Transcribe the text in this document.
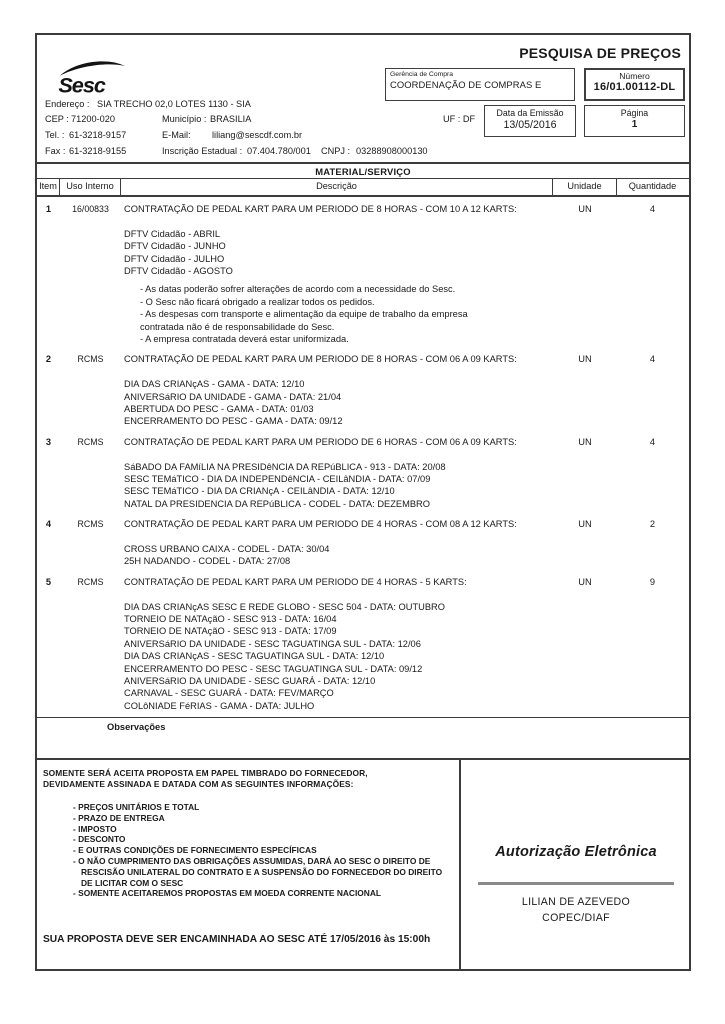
PESQUISA DE PREÇOS
Sesc	Gerência de Compra
COORDENAÇÃO DE COMPRAS E
Número
16/01.00112-DL
Data da Emissão
13/05/2016
Página
1
Endereço : SIA TRECHO 02,0 LOTES 1130 - SIA
CEP : 71200-020	Município : BRASILIA	UF : DF
Tel. : 61-3218-9157	E-Mail: liliang@sescdf.com.br
Fax : 61-3218-9155	Inscrição Estadual : 07.404.780/001 CNPJ : 03288908000130
MATERIAL/SERVIÇO
Item	Uso Interno	Descrição	Unidade	Quantidade
1	16/00833	CONTRATAÇÃO DE PEDAL KART PARA UM PERIODO DE 8 HORAS - COM 10 A 12 KARTS:	UN	4
DFTV Cidadão - ABRIL
DFTV Cidadão - JUNHO
DFTV Cidadão - JULHO
DFTV Cidadão - AGOSTO
- As datas poderão sofrer alterações de acordo com a necessidade do Sesc.
- O Sesc não ficará obrigado a realizar todos os pedidos.
- As despesas com transporte e alimentação da equipe de trabalho da empresa
contratada não é de responsabilidade do Sesc.
- A empresa contratada deverá estar uniformizada.
2	RCMS	CONTRATAÇÃO DE PEDAL KART PARA UM PERIODO DE 8 HORAS - COM 06 A 09 KARTS:	UN	4
DIA DAS CRIANçAS - GAMA - DATA: 12/10
ANIVERSáRIO DA UNIDADE - GAMA - DATA: 21/04
ABERTUDA DO PESC - GAMA - DATA: 01/03
ENCERRAMENTO DO PESC - GAMA - DATA: 09/12
3	RCMS	CONTRATAÇÃO DE PEDAL KART PARA UM PERIODO DE 6 HORAS - COM 06 A 09 KARTS:	UN	4
SáBADO DA FAMíLIA NA PRESIDêNCIA DA REPúBLICA - 913 - DATA: 20/08
SESC TEMáTICO - DIA DA INDEPENDêNCIA - CEILâNDIA - DATA: 07/09
SESC TEMáTICO - DIA DA CRIANçA - CEILâNDIA - DATA: 12/10
NATAL DA PRESIDENCIA DA REPúBLICA - CODEL - DATA: DEZEMBRO
4	RCMS	CONTRATAÇÃO DE PEDAL KART PARA UM PERIODO DE 4 HORAS - COM 08 A 12 KARTS:	UN	2
CROSS URBANO CAIXA - CODEL - DATA: 30/04
25H NADANDO - CODEL - DATA: 27/08
5	RCMS	CONTRATAÇÃO DE PEDAL KART PARA UM PERIODO DE 4 HORAS - 5 KARTS:	UN	9
DIA DAS CRIANçAS SESC E REDE GLOBO - SESC 504 - DATA: OUTUBRO
TORNEIO DE NATAçãO - SESC 913 - DATA: 16/04
TORNEIO DE NATAçãO - SESC 913 - DATA: 17/09
ANIVERSáRIO DA UNIDADE - SESC TAGUATINGA SUL - DATA: 12/06
DIA DAS CRIANçAS - SESC TAGUATINGA SUL - DATA: 12/10
ENCERRAMENTO DO PESC - SESC TAGUATINGA SUL - DATA: 09/12
ANIVERSáRIO DA UNIDADE - SESC GUARÁ - DATA: 12/10
CARNAVAL - SESC GUARÁ - DATA: FEV/MARÇO
COLôNIADE FéRIAS - GAMA - DATA: JULHO
Observações
SOMENTE SERÁ ACEITA PROPOSTA EM PAPEL TIMBRADO DO FORNECEDOR,
DEVIDAMENTE ASSINADA E DATADA COM AS SEGUINTES INFORMAÇÕES:
- PREÇOS UNITÁRIOS E TOTAL
- PRAZO DE ENTREGA
- IMPOSTO
- DESCONTO
- E OUTRAS CONDIÇÕES DE FORNECIMENTO ESPECÍFICAS
- O NÃO CUMPRIMENTO DAS OBRIGAÇÕES ASSUMIDAS, DARÁ AO SESC O DIREITO DE
RESCISÃO UNILATERAL DO CONTRATO E A SUSPENSÃO DO FORNECEDOR DO DIREITO
DE LICITAR COM O SESC
- SOMENTE ACEITAREMOS PROPOSTAS EM MOEDA CORRENTE NACIONAL
SUA PROPOSTA DEVE SER ENCAMINHADA AO SESC ATÉ 17/05/2016 às 15:00h
Autorização Eletrônica
LILIAN DE AZEVEDO
COPEC/DIAF
